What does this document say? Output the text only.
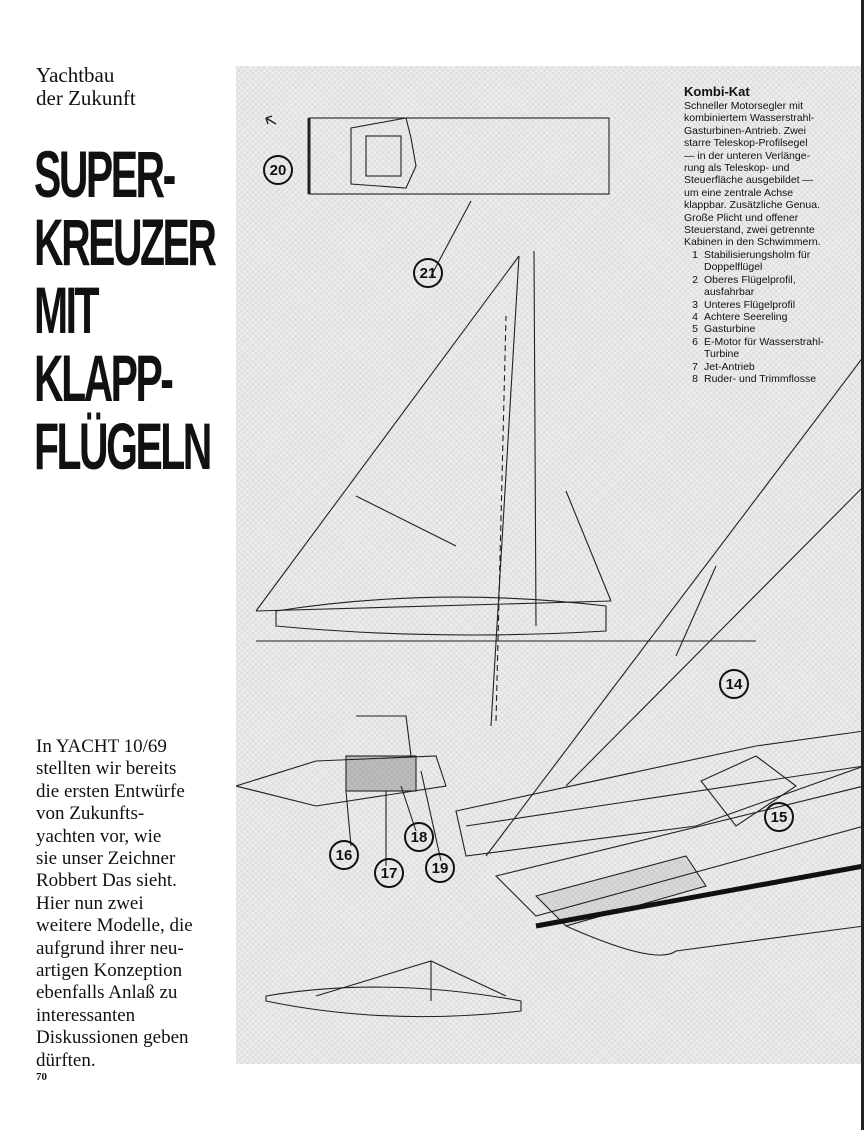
Yachtbau
der Zukunft
SUPER-
KREUZER
MIT
KLAPP-
FLÜGELN
In YACHT 10/69
stellten wir bereits
die ersten Entwürfe
von Zukunfts-
yachten vor, wie
sie unser Zeichner
Robbert Das sieht.
Hier nun zwei
weitere Modelle, die
aufgrund ihrer neu-
artigen Konzeption
ebenfalls Anlaß zu
interessanten
Diskussionen geben
dürften.
70
20
21
14
15
16
17
18
19
Kombi-Kat
Schneller Motorsegler mit
kombiniertem Wasserstrahl-
Gasturbinen-Antrieb. Zwei
starre Teleskop-Profilsegel
— in der unteren Verlänge-
rung als Teleskop- und
Steuerfläche ausgebildet —
um eine zentrale Achse
klappbar. Zusätzliche Genua.
Große Plicht und offener
Steuerstand, zwei getrennte
Kabinen in den Schwimmern.
1 Stabilisierungsholm für
Doppelflügel
2 Oberes Flügelprofil,
ausfahrbar
3 Unteres Flügelprofil
4 Achtere Seereling
5 Gasturbine
6 E-Motor für Wasserstrahl-
Turbine
7 Jet-Antrieb
8 Ruder- und Trimmflosse
